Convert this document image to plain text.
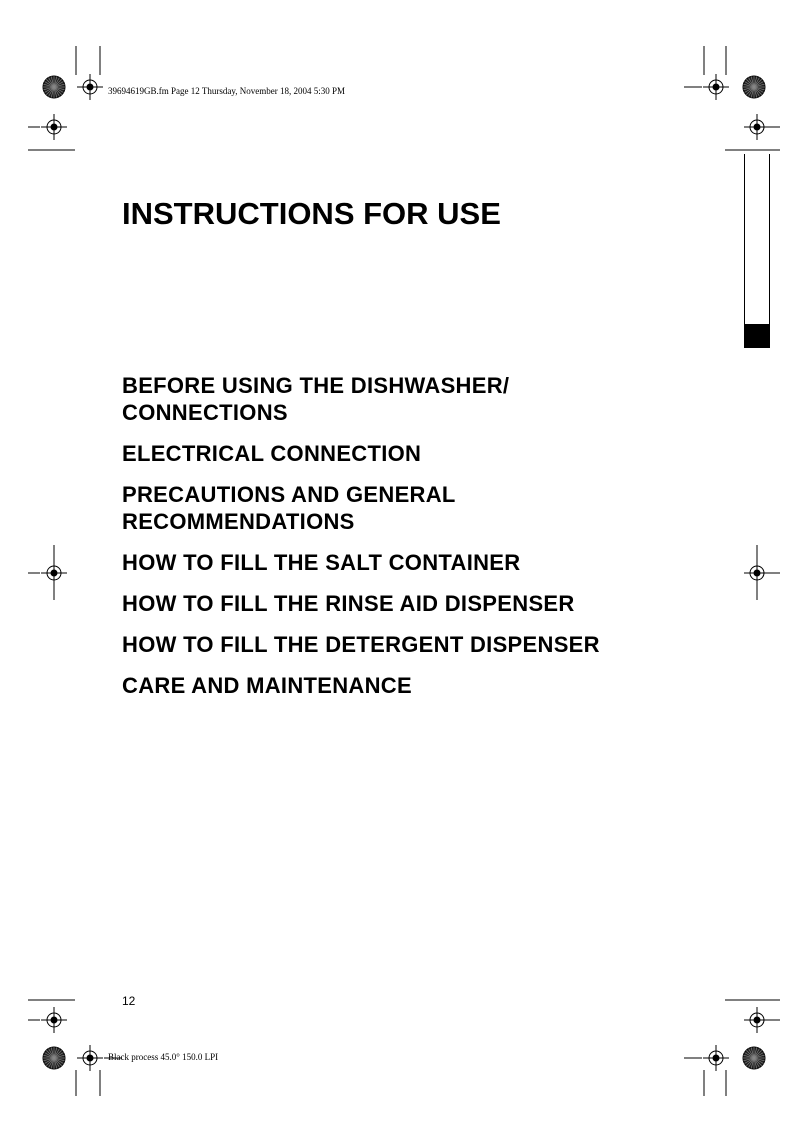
39694619GB.fm Page 12 Thursday, November 18, 2004 5:30 PM
INSTRUCTIONS FOR USE
BEFORE USING THE DISHWASHER/
CONNECTIONS
ELECTRICAL CONNECTION
PRECAUTIONS AND GENERAL
RECOMMENDATIONS
HOW TO FILL THE SALT CONTAINER
HOW TO FILL THE RINSE AID DISPENSER
HOW TO FILL THE DETERGENT DISPENSER
CARE AND MAINTENANCE
12
Black process 45.0° 150.0 LPI
